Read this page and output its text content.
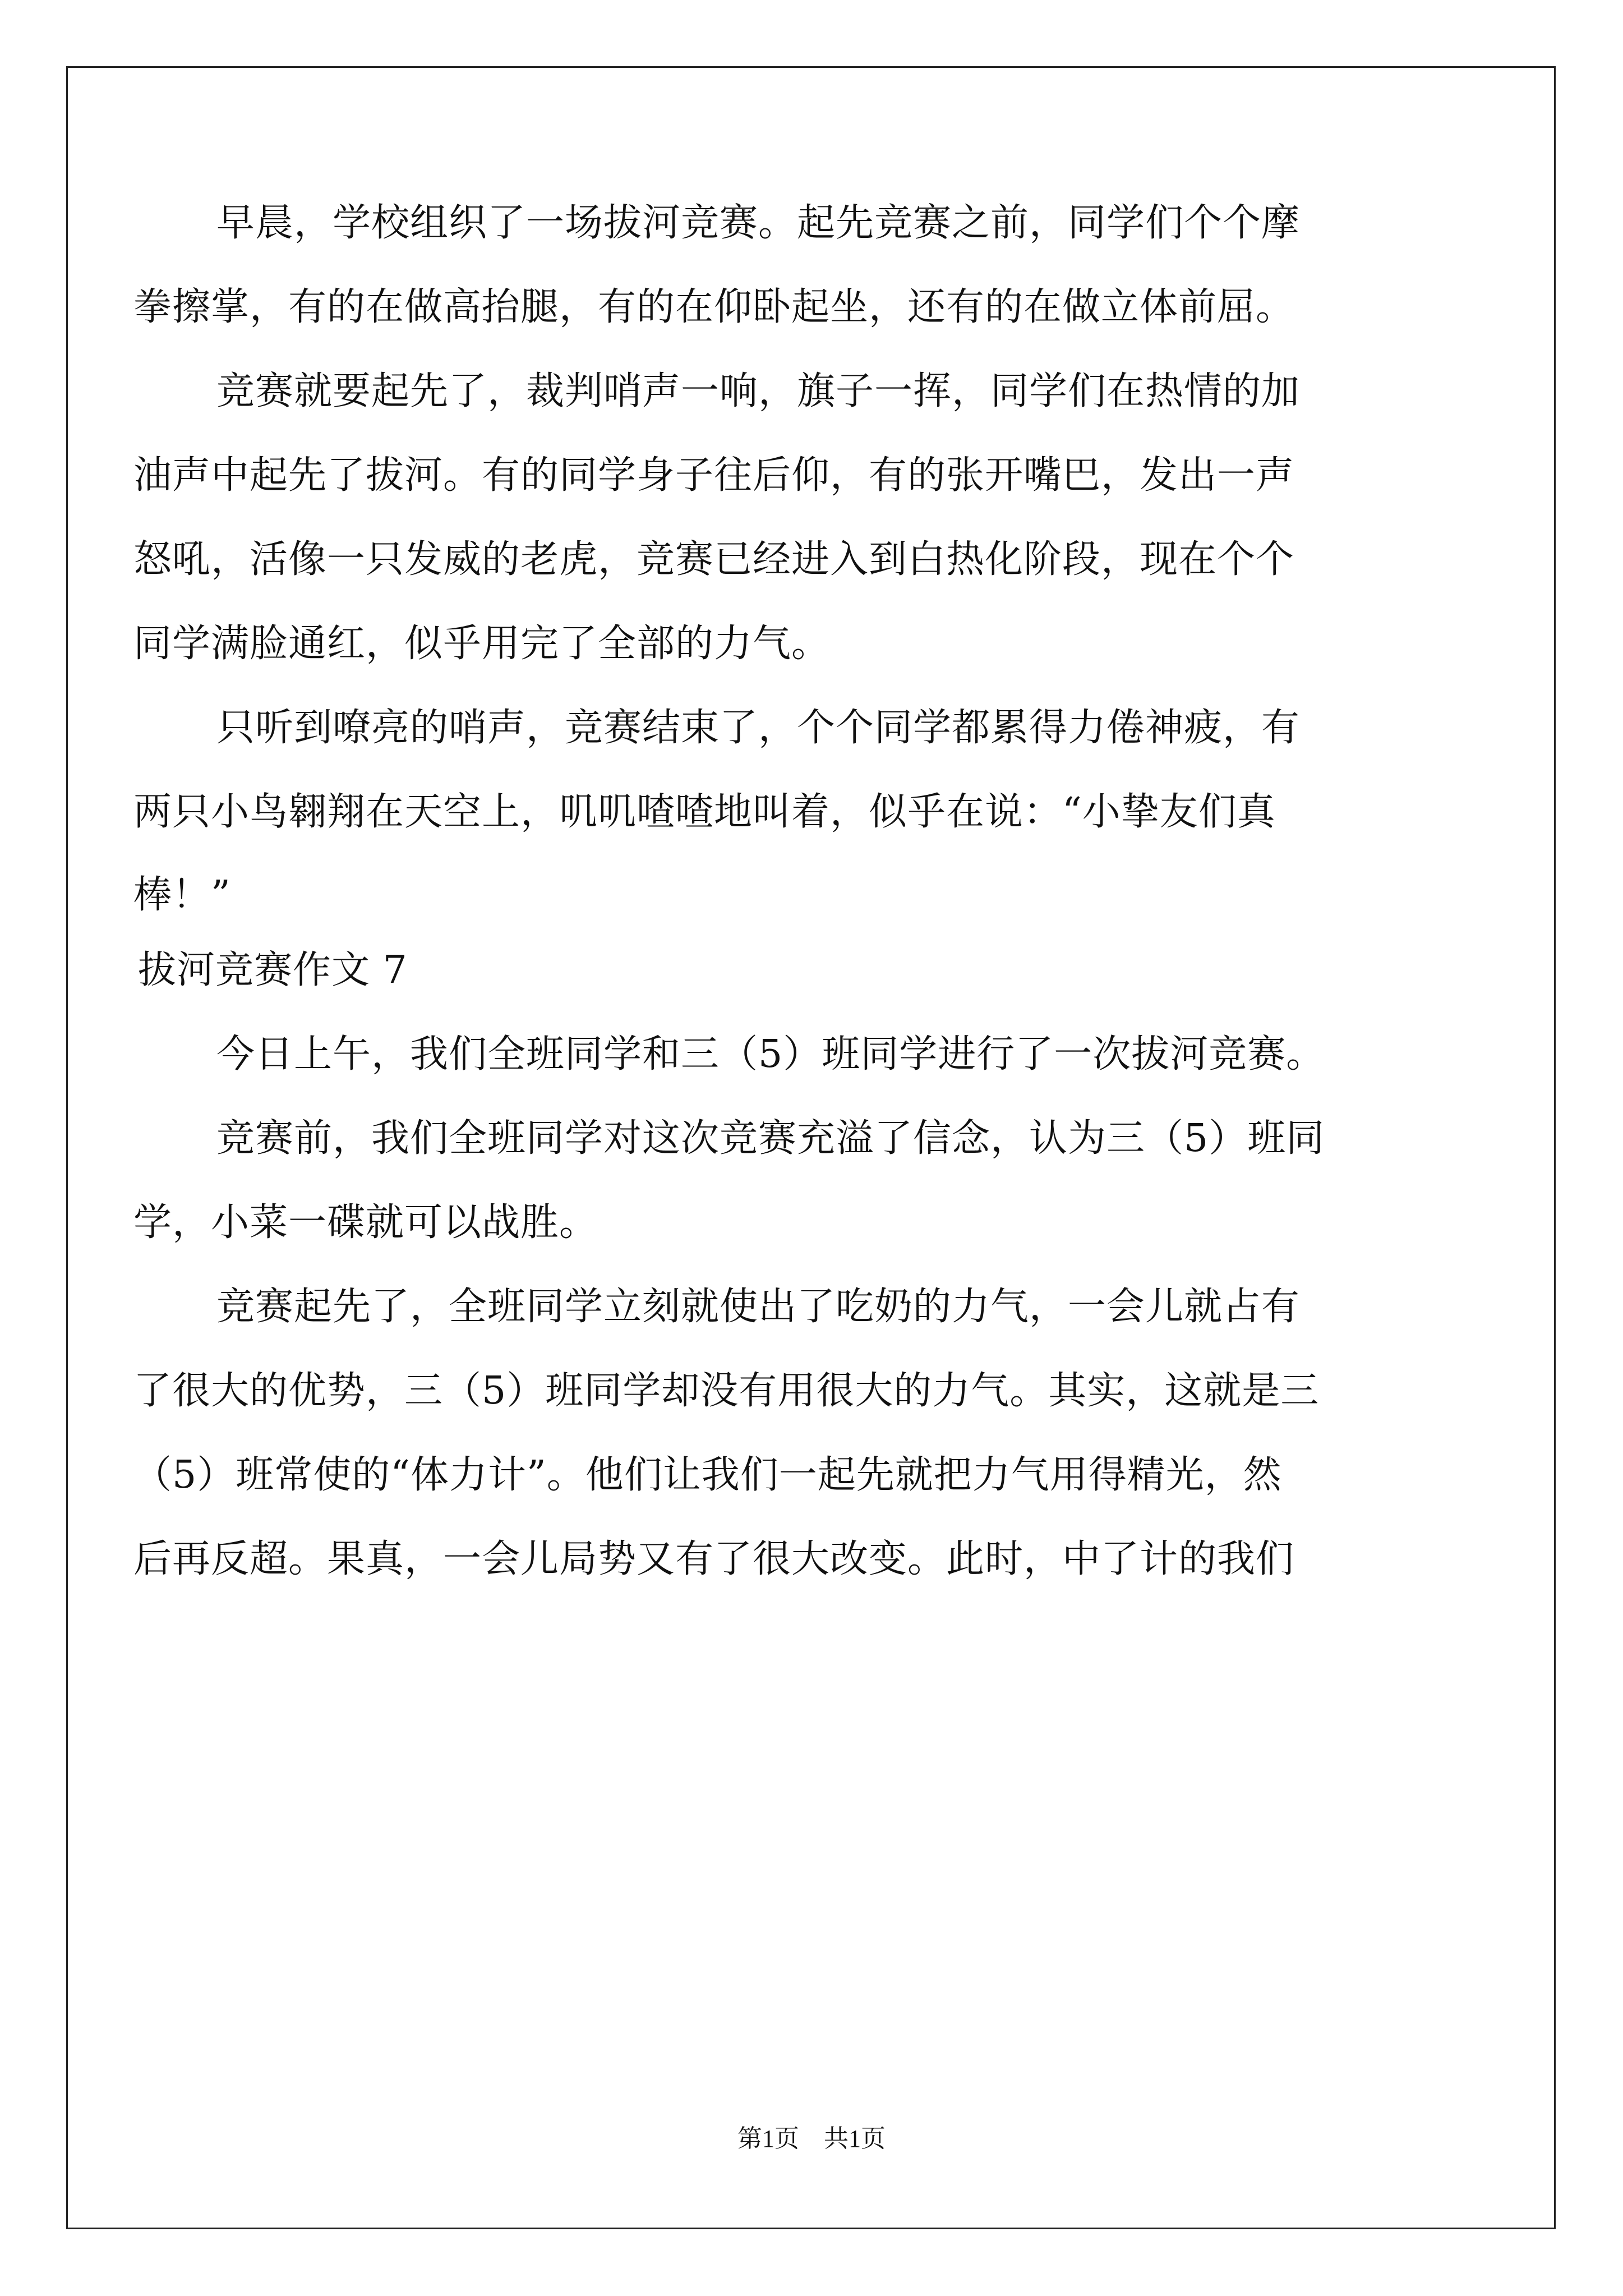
早晨，学校组织了一场拔河竞赛。起先竞赛之前，同学们个个摩
拳擦掌，有的在做高抬腿，有的在仰卧起坐，还有的在做立体前屈。
竞赛就要起先了，裁判哨声一响，旗子一挥，同学们在热情的加
油声中起先了拔河。有的同学身子往后仰，有的张开嘴巴，发出一声
怒吼，活像一只发威的老虎，竞赛已经进入到白热化阶段，现在个个
同学满脸通红，似乎用完了全部的力气。
只听到嘹亮的哨声，竞赛结束了，个个同学都累得力倦神疲，有
两只小鸟翱翔在天空上，叽叽喳喳地叫着，似乎在说：“小挚友们真
棒！”
拔河竞赛作文 7
今日上午，我们全班同学和三（5）班同学进行了一次拔河竞赛。
竞赛前，我们全班同学对这次竞赛充溢了信念，认为三（5）班同
学，小菜一碟就可以战胜。
竞赛起先了，全班同学立刻就使出了吃奶的力气，一会儿就占有
了很大的优势，三（5）班同学却没有用很大的力气。其实，这就是三
（5）班常使的“体力计”。他们让我们一起先就把力气用得精光，然
后再反超。果真，一会儿局势又有了很大改变。此时，中了计的我们
第1页　共1页
